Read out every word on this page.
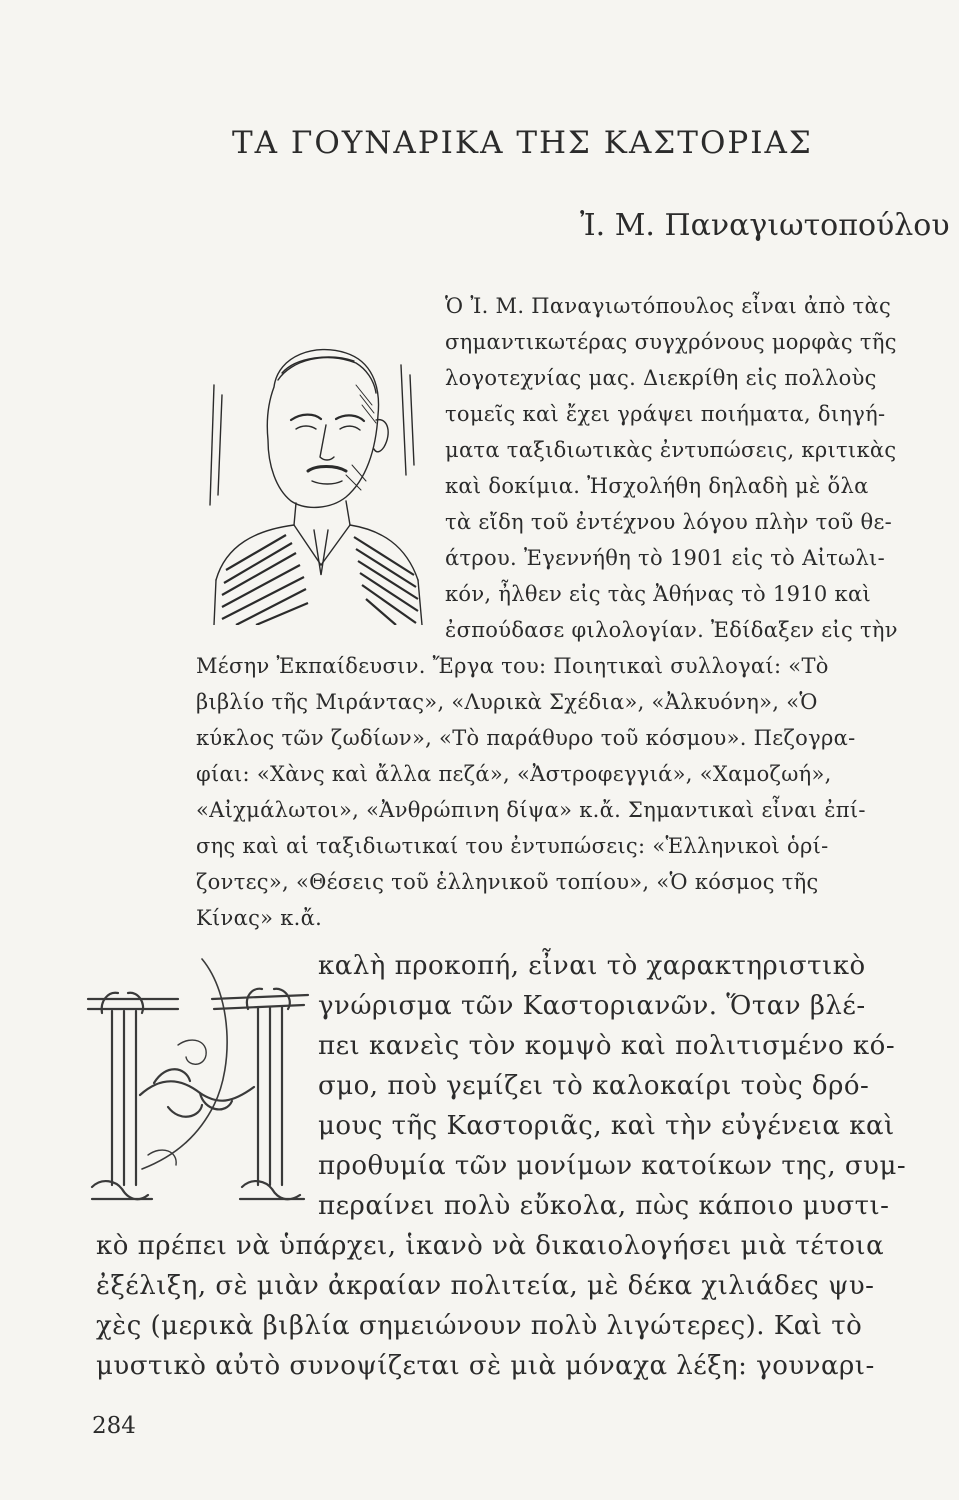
ΤΑ ΓΟΥΝΑΡΙΚΑ ΤΗΣ ΚΑΣΤΟΡΙΑΣ
Ἰ. Μ. Παναγιωτοπούλου
Ὁ Ἰ. Μ. Παναγιωτόπουλος εἶναι ἀπὸ τὰς
σημαντικωτέρας συγχρόνους μορφὰς τῆς
λογοτεχνίας μας. Διεκρίθη εἰς πολλοὺς
τομεῖς καὶ ἔχει γράψει ποιήματα, διηγή-
ματα ταξιδιωτικὰς ἐντυπώσεις, κριτικὰς
καὶ δοκίμια. Ἠσχολήθη δηλαδὴ μὲ ὅλα
τὰ εἴδη τοῦ ἐντέχνου λόγου πλὴν τοῦ θε-
άτρου. Ἐγεννήθη τὸ 1901 εἰς τὸ Αἰτωλι-
κόν, ἦλθεν εἰς τὰς Ἀθήνας τὸ 1910 καὶ
ἐσπούδασε φιλολογίαν. Ἐδίδαξεν εἰς τὴν
Μέσην Ἐκπαίδευσιν. Ἔργα του: Ποιητικαὶ συλλογαί: «Τὸ
βιβλίο τῆς Μιράντας», «Λυρικὰ Σχέδια», «Ἀλκυόνη», «Ὁ
κύκλος τῶν ζωδίων», «Τὸ παράθυρο τοῦ κόσμου». Πεζογρα-
φίαι: «Χὰνς καὶ ἄλλα πεζά», «Ἀστροφεγγιά», «Χαμοζωή»,
«Αἰχμάλωτοι», «Ἀνθρώπινη δίψα» κ.ἄ. Σημαντικαὶ εἶναι ἐπί-
σης καὶ αἱ ταξιδιωτικαί του ἐντυπώσεις: «Ἑλληνικοὶ ὁρί-
ζοντες», «Θέσεις τοῦ ἑλληνικοῦ τοπίου», «Ὁ κόσμος τῆς
Κίνας» κ.ἄ.
καλὴ προκοπή, εἶναι τὸ χαρακτηριστικὸ
γνώρισμα τῶν Καστοριανῶν. Ὅταν βλέ-
πει κανεὶς τὸν κομψὸ καὶ πολιτισμένο κό-
σμο, ποὺ γεμίζει τὸ καλοκαίρι τοὺς δρό-
μους τῆς Καστοριᾶς, καὶ τὴν εὐγένεια καὶ
προθυμία τῶν μονίμων κατοίκων της, συμ-
περαίνει πολὺ εὔκολα, πὼς κάποιο μυστι-
κὸ πρέπει νὰ ὑπάρχει, ἱκανὸ νὰ δικαιολογήσει μιὰ τέτοια
ἐξέλιξη, σὲ μιὰν ἀκραίαν πολιτεία, μὲ δέκα χιλιάδες ψυ-
χὲς (μερικὰ βιβλία σημειώνουν πολὺ λιγώτερες). Καὶ τὸ
μυστικὸ αὐτὸ συνοψίζεται σὲ μιὰ μόναχα λέξη: γουναρι-
284
